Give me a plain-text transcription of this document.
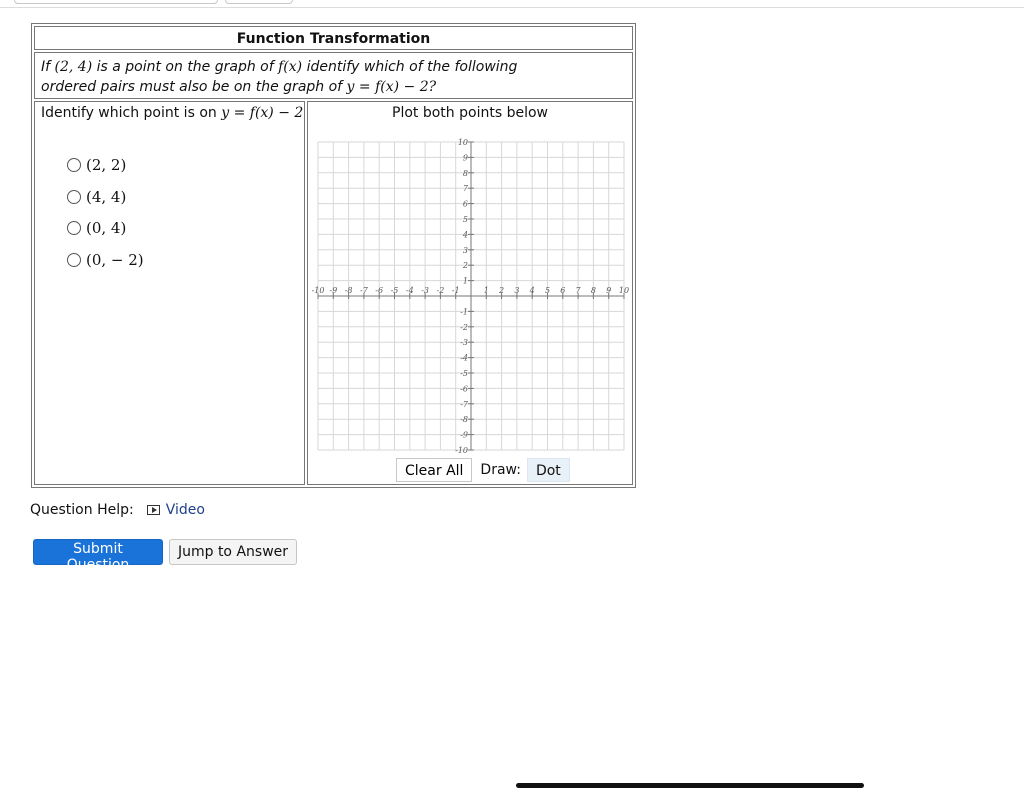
Function Transformation
If (2, 4) is a point on the graph of f(x) identify which of the following
ordered pairs must also be on the graph of y = f(x) − 2?
Identify which point is on y = f(x) − 2
(2, 2)
(4, 4)
(0, 4)
(0, − 2)
Plot both points below
-10 -9 -8 -7 -6 -5 -4 -3 -2 -1	1 2 3 4 5 6 7 8 9 10
-10
-9
-8
-7
-6
-5
-4
-3
-2
-1
1
2
3
4
5
6
7
8
9
10
Clear All	Draw:	Dot
Question Help: Video
Submit Question
Jump to Answer
